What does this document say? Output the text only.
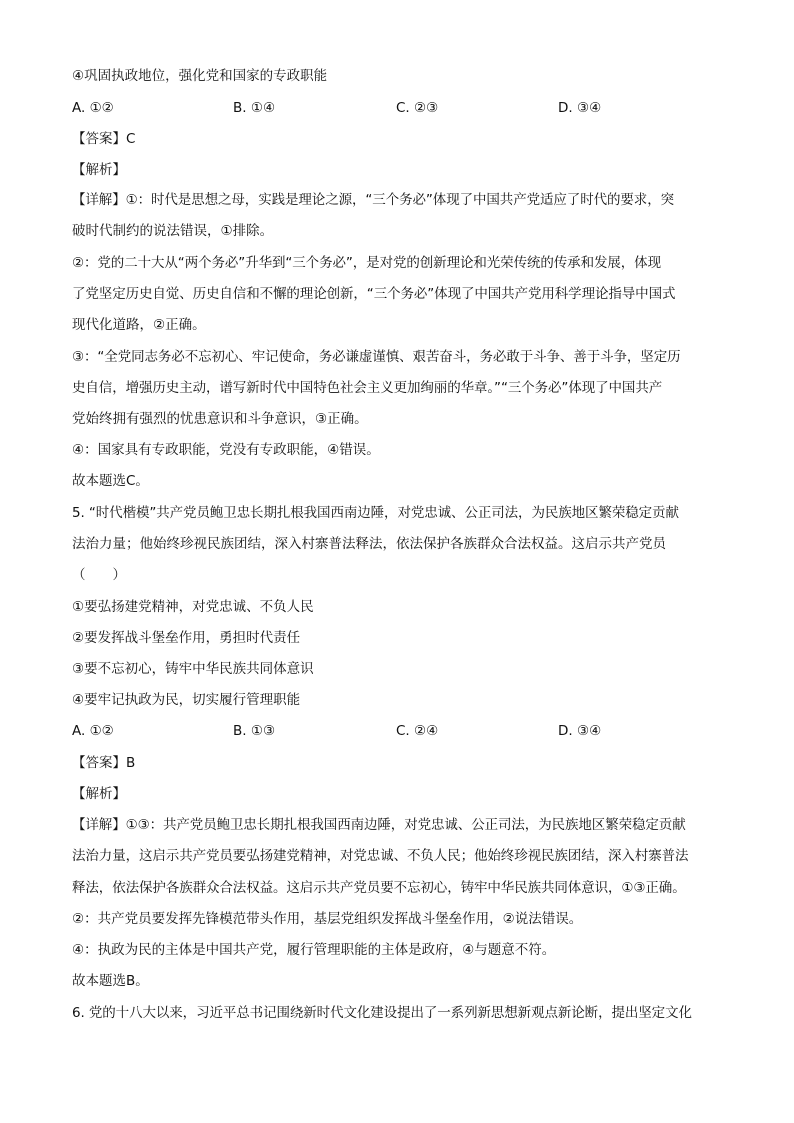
④巩固执政地位，强化党和国家的专政职能
A. ①②	B. ①④	C. ②③	D. ③④
【答案】C
【解析】
【详解】①：时代是思想之母，实践是理论之源，“三个务必”体现了中国共产党适应了时代的要求，突
破时代制约的说法错误，①排除。
②：党的二十大从“两个务必”升华到“三个务必”，是对党的创新理论和光荣传统的传承和发展，体现
了党坚定历史自觉、历史自信和不懈的理论创新，“三个务必”体现了中国共产党用科学理论指导中国式
现代化道路，②正确。
③：“全党同志务必不忘初心、牢记使命，务必谦虚谨慎、艰苦奋斗，务必敢于斗争、善于斗争，坚定历
史自信，增强历史主动，谱写新时代中国特色社会主义更加绚丽的华章。”“三个务必”体现了中国共产
党始终拥有强烈的忧患意识和斗争意识，③正确。
④：国家具有专政职能，党没有专政职能，④错误。
故本题选C。
5. “时代楷模”共产党员鲍卫忠长期扎根我国西南边陲，对党忠诚、公正司法，为民族地区繁荣稳定贡献
法治力量；他始终珍视民族团结，深入村寨普法释法，依法保护各族群众合法权益。这启示共产党员
（　　）
①要弘扬建党精神，对党忠诚、不负人民
②要发挥战斗堡垒作用，勇担时代责任
③要不忘初心，铸牢中华民族共同体意识
④要牢记执政为民，切实履行管理职能
A. ①②	B. ①③	C. ②④	D. ③④
【答案】B
【解析】
【详解】①③：共产党员鲍卫忠长期扎根我国西南边陲，对党忠诚、公正司法，为民族地区繁荣稳定贡献
法治力量，这启示共产党员要弘扬建党精神，对党忠诚、不负人民；他始终珍视民族团结，深入村寨普法
释法，依法保护各族群众合法权益。这启示共产党员要不忘初心，铸牢中华民族共同体意识，①③正确。
②：共产党员要发挥先锋模范带头作用，基层党组织发挥战斗堡垒作用，②说法错误。
④：执政为民的主体是中国共产党，履行管理职能的主体是政府，④与题意不符。
故本题选B。
6. 党的十八大以来，习近平总书记围绕新时代文化建设提出了一系列新思想新观点新论断，提出坚定文化
